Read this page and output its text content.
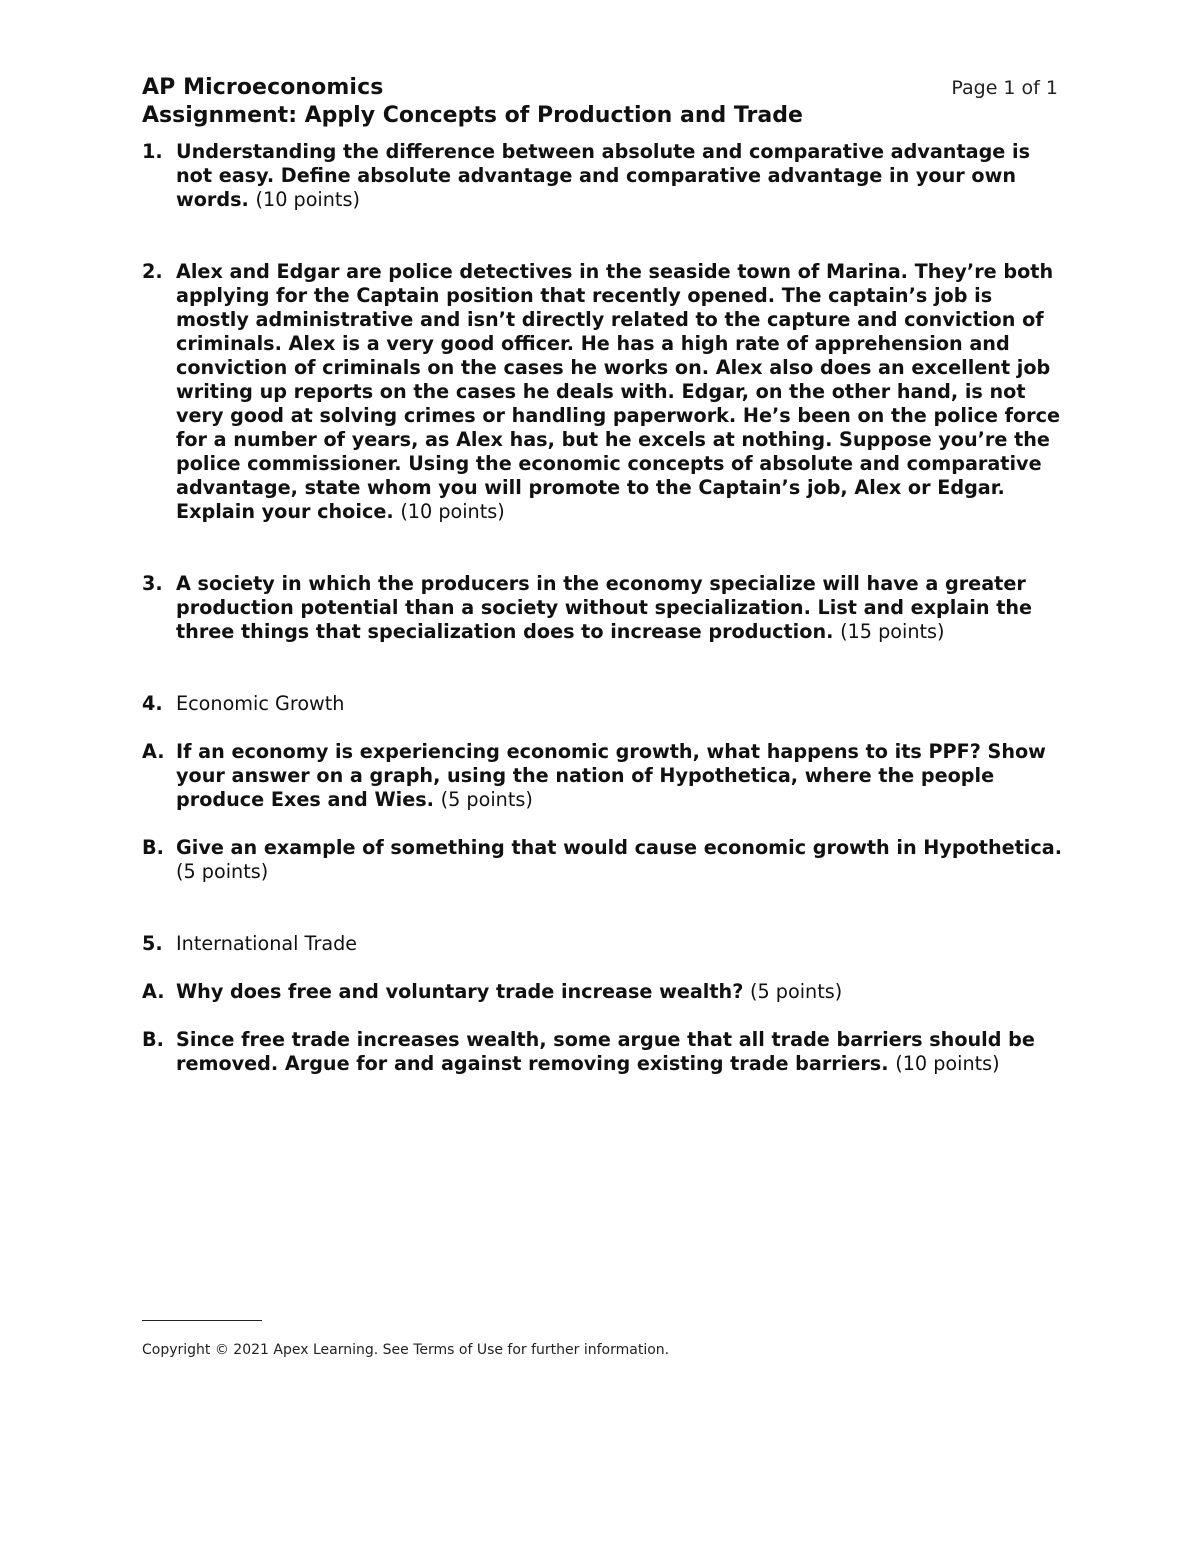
AP Microeconomics	Page 1 of 1
Assignment: Apply Concepts of Production and Trade
1. Understanding the difference between absolute and comparative advantage is not easy. Define absolute advantage and comparative advantage in your own words. (10 points)
2. Alex and Edgar are police detectives in the seaside town of Marina. They’re both applying for the Captain position that recently opened. The captain’s job is mostly administrative and isn’t directly related to the capture and conviction of criminals. Alex is a very good officer. He has a high rate of apprehension and conviction of criminals on the cases he works on. Alex also does an excellent job writing up reports on the cases he deals with. Edgar, on the other hand, is not very good at solving crimes or handling paperwork. He’s been on the police force for a number of years, as Alex has, but he excels at nothing. Suppose you’re the police commissioner. Using the economic concepts of absolute and comparative advantage, state whom you will promote to the Captain’s job, Alex or Edgar. Explain your choice. (10 points)
3. A society in which the producers in the economy specialize will have a greater production potential than a society without specialization. List and explain the three things that specialization does to increase production. (15 points)
4. Economic Growth
A. If an economy is experiencing economic growth, what happens to its PPF? Show your answer on a graph, using the nation of Hypothetica, where the people produce Exes and Wies. (5 points)
B. Give an example of something that would cause economic growth in Hypothetica. (5 points)
5. International Trade
A. Why does free and voluntary trade increase wealth? (5 points)
B. Since free trade increases wealth, some argue that all trade barriers should be removed. Argue for and against removing existing trade barriers. (10 points)
Copyright © 2021 Apex Learning. See Terms of Use for further information.
